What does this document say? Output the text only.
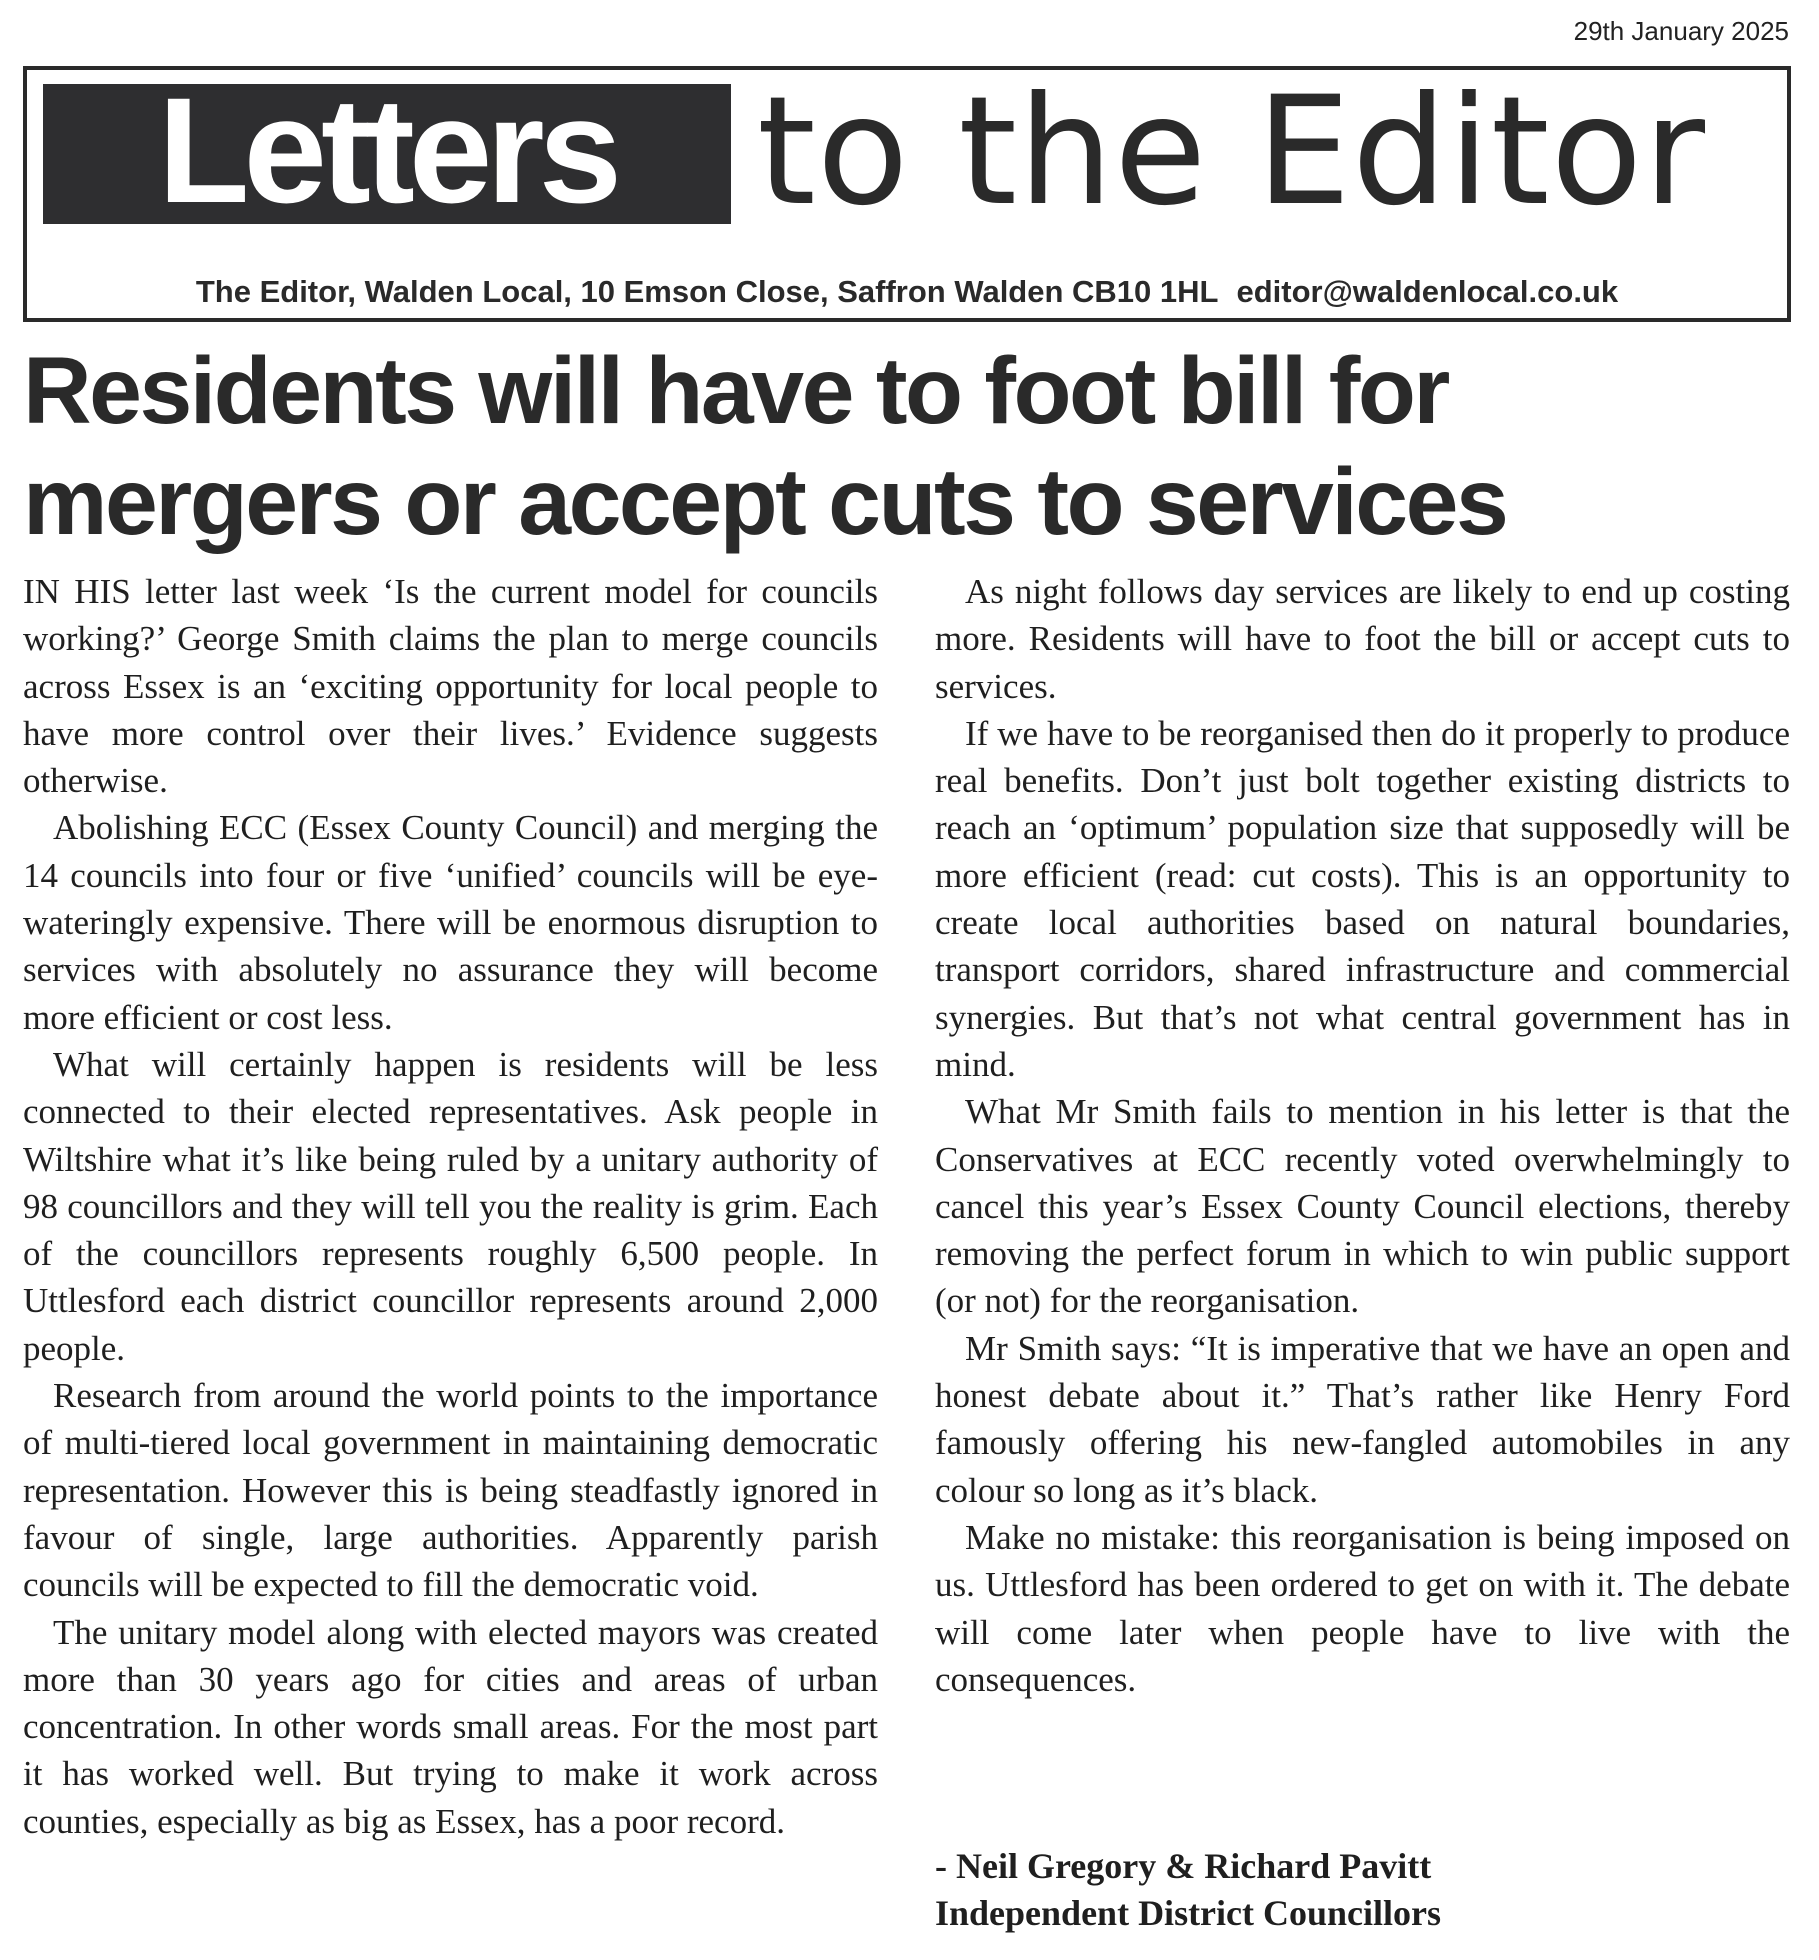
29th January 2025
Letters to the Editor
The Editor, Walden Local, 10 Emson Close, Saffron Walden CB10 1HL editor@waldenlocal.co.uk
Residents will have to foot bill for
mergers or accept cuts to services

IN HIS letter last week ‘Is the current model for councils working?’ George Smith claims the plan to merge councils across Essex is an ‘exciting opportunity for local people to have more control over their lives.’ Evidence suggests otherwise.

Abolishing ECC (Essex County Council) and merging the 14 councils into four or five ‘unified’ councils will be eye-wateringly expensive. There will be enormous disruption to services with absolutely no assurance they will become more efficient or cost less.

What will certainly happen is residents will be less connected to their elected representatives. Ask people in Wiltshire what it’s like being ruled by a unitary authority of 98 councillors and they will tell you the reality is grim. Each of the councillors represents roughly 6,500 people. In Uttlesford each district councillor represents around 2,000 people.

Research from around the world points to the importance of multi-tiered local government in maintaining democratic representation. However this is being steadfastly ignored in favour of single, large authorities. Apparently parish councils will be expected to fill the democratic void.

The unitary model along with elected mayors was created more than 30 years ago for cities and areas of urban concentration. In other words small areas. For the most part it has worked well. But trying to make it work across counties, especially as big as Essex, has a poor record.

As night follows day services are likely to end up costing more. Residents will have to foot the bill or accept cuts to services.

If we have to be reorganised then do it properly to produce real benefits. Don’t just bolt together existing districts to reach an ‘optimum’ population size that supposedly will be more efficient (read: cut costs). This is an opportunity to create local authorities based on natural boundaries, transport corridors, shared infrastructure and commercial synergies. But that’s not what central government has in mind.

What Mr Smith fails to mention in his letter is that the Conservatives at ECC recently voted overwhelmingly to cancel this year’s Essex County Council elections, thereby removing the perfect forum in which to win public support (or not) for the reorganisation.

Mr Smith says: “It is imperative that we have an open and honest debate about it.” That’s rather like Henry Ford famously offering his new-fangled automobiles in any colour so long as it’s black.

Make no mistake: this reorganisation is being imposed on us. Uttlesford has been ordered to get on with it. The debate will come later when people have to live with the consequences.

- Neil Gregory & Richard Pavitt
Independent District Councillors
